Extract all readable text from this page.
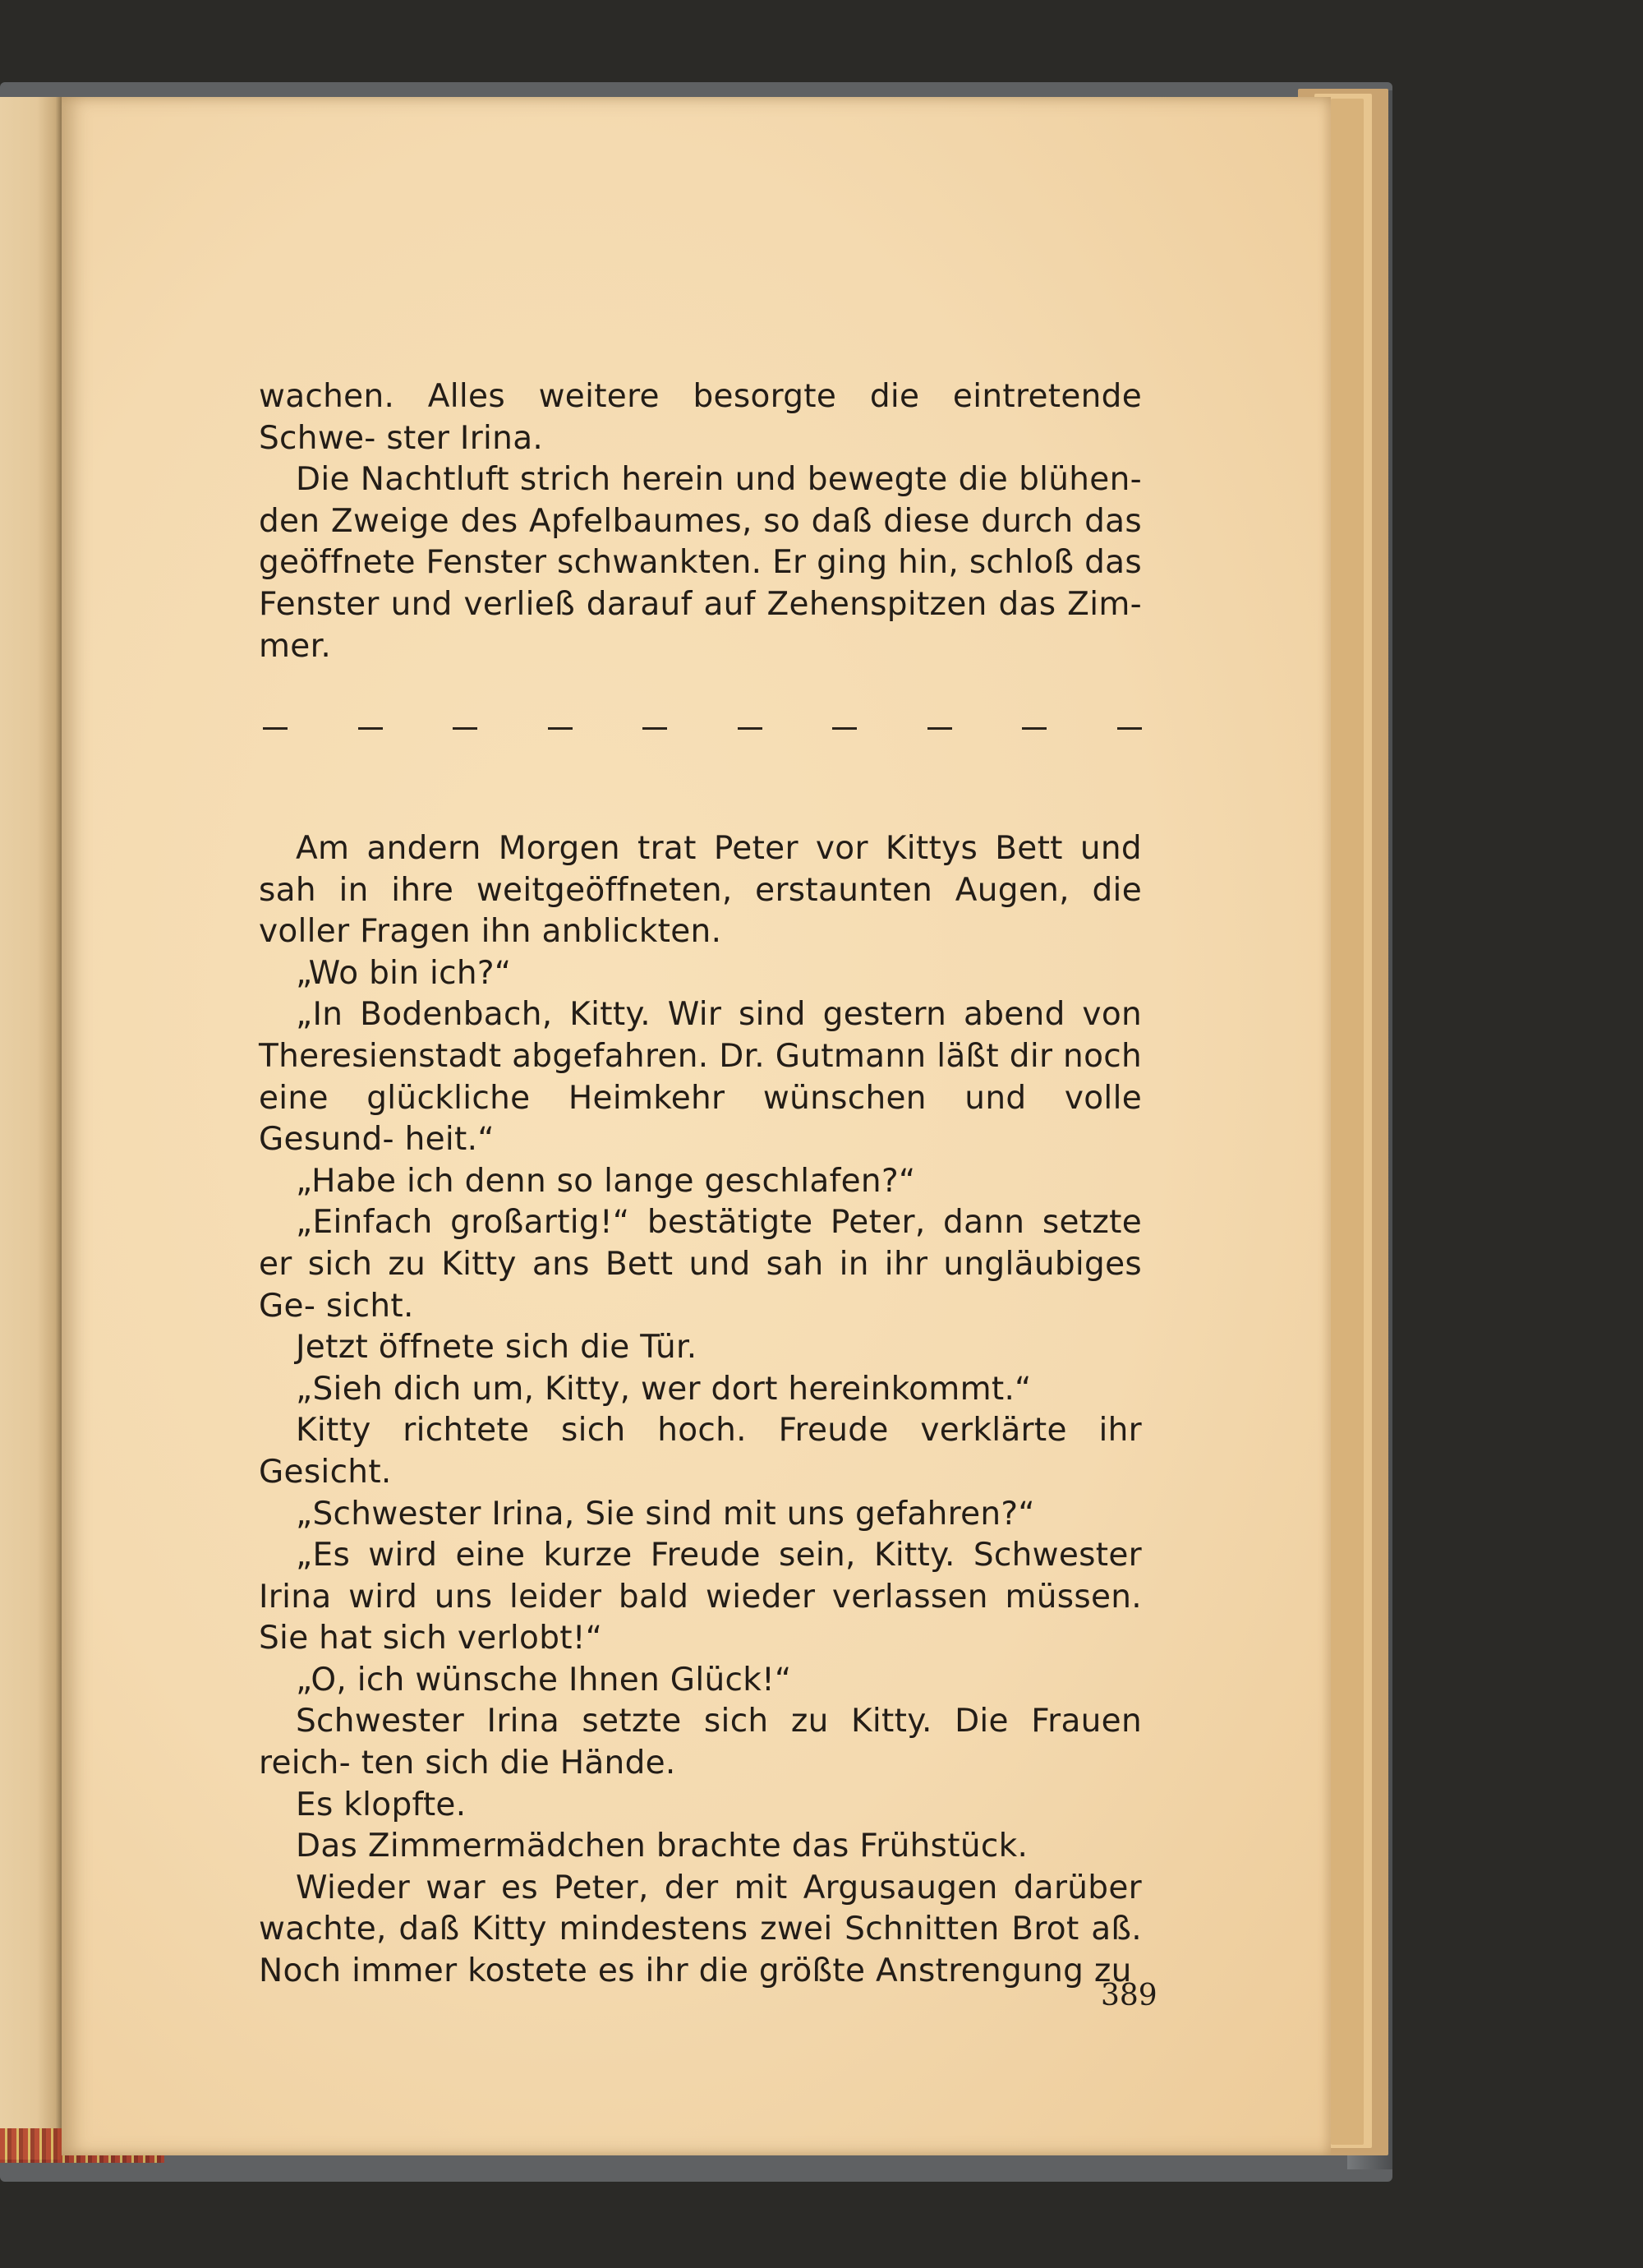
wachen. Alles weitere besorgte die eintretende Schwe- ster Irina.

Die Nachtluft strich herein und bewegte die blühen- den Zweige des Apfelbaumes, so daß diese durch das geöffnete Fenster schwankten. Er ging hin, schloß das Fenster und verließ darauf auf Zehenspitzen das Zim- mer.

Am andern Morgen trat Peter vor Kittys Bett und sah in ihre weitgeöffneten, erstaunten Augen, die voller Fragen ihn anblickten.

„Wo bin ich?“

„In Bodenbach, Kitty. Wir sind gestern abend von Theresienstadt abgefahren. Dr. Gutmann läßt dir noch eine glückliche Heimkehr wünschen und volle Gesund- heit.“

„Habe ich denn so lange geschlafen?“

„Einfach großartig!“ bestätigte Peter, dann setzte er sich zu Kitty ans Bett und sah in ihr ungläubiges Ge- sicht.

Jetzt öffnete sich die Tür.

„Sieh dich um, Kitty, wer dort hereinkommt.“

Kitty richtete sich hoch. Freude verklärte ihr Gesicht.

„Schwester Irina, Sie sind mit uns gefahren?“

„Es wird eine kurze Freude sein, Kitty. Schwester Irina wird uns leider bald wieder verlassen müssen. Sie hat sich verlobt!“

„O, ich wünsche Ihnen Glück!“

Schwester Irina setzte sich zu Kitty. Die Frauen reich- ten sich die Hände.

Es klopfte.

Das Zimmermädchen brachte das Frühstück.

Wieder war es Peter, der mit Argusaugen darüber wachte, daß Kitty mindestens zwei Schnitten Brot aß. Noch immer kostete es ihr die größte Anstrengung zu

389
